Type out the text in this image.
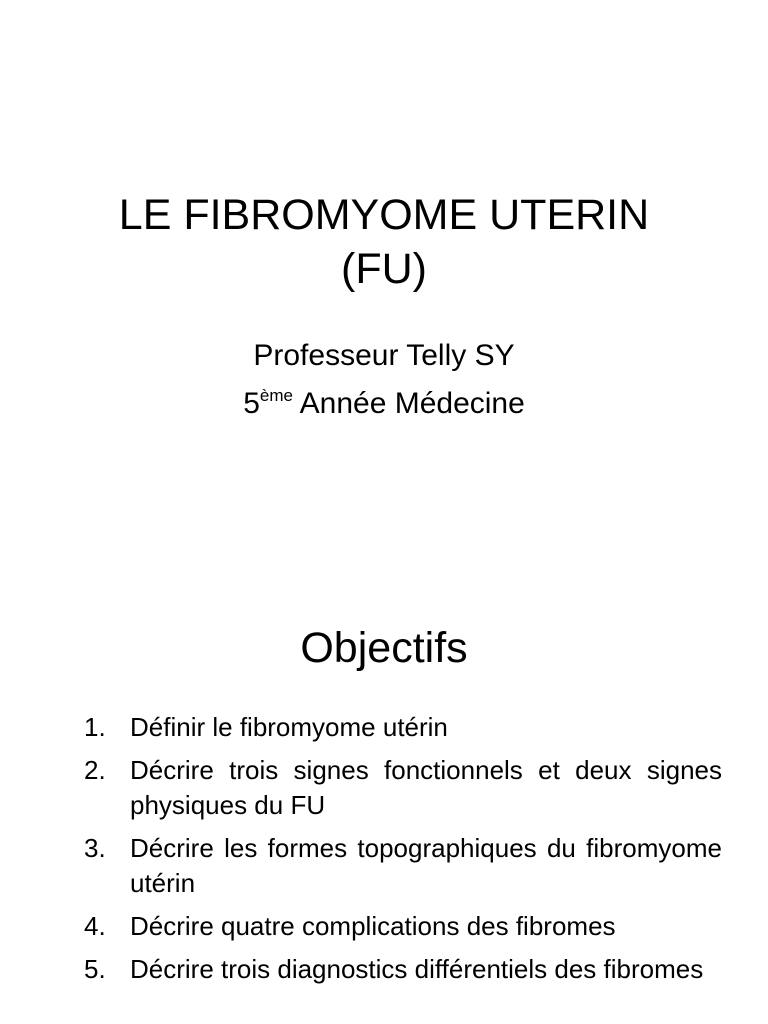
LE FIBROMYOME UTERIN
(FU)
Professeur Telly SY
5ème Année Médecine
Objectifs
1. Définir le fibromyome utérin
2. Décrire trois signes fonctionnels et deux signes physiques du FU
3. Décrire les formes topographiques du fibromyome utérin
4. Décrire quatre complications des fibromes
5. Décrire trois diagnostics différentiels des fibromes
